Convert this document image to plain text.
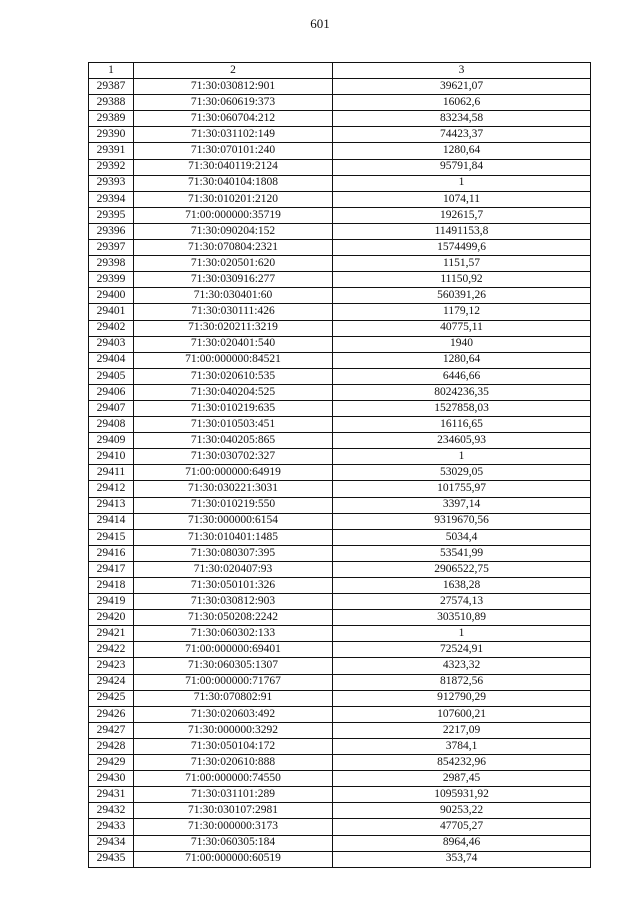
601
1	2	3
29387	71:30:030812:901	39621,07
29388	71:30:060619:373	16062,6
29389	71:30:060704:212	83234,58
29390	71:30:031102:149	74423,37
29391	71:30:070101:240	1280,64
29392	71:30:040119:2124	95791,84
29393	71:30:040104:1808	1
29394	71:30:010201:2120	1074,11
29395	71:00:000000:35719	192615,7
29396	71:30:090204:152	11491153,8
29397	71:30:070804:2321	1574499,6
29398	71:30:020501:620	1151,57
29399	71:30:030916:277	11150,92
29400	71:30:030401:60	560391,26
29401	71:30:030111:426	1179,12
29402	71:30:020211:3219	40775,11
29403	71:30:020401:540	1940
29404	71:00:000000:84521	1280,64
29405	71:30:020610:535	6446,66
29406	71:30:040204:525	8024236,35
29407	71:30:010219:635	1527858,03
29408	71:30:010503:451	16116,65
29409	71:30:040205:865	234605,93
29410	71:30:030702:327	1
29411	71:00:000000:64919	53029,05
29412	71:30:030221:3031	101755,97
29413	71:30:010219:550	3397,14
29414	71:30:000000:6154	9319670,56
29415	71:30:010401:1485	5034,4
29416	71:30:080307:395	53541,99
29417	71:30:020407:93	2906522,75
29418	71:30:050101:326	1638,28
29419	71:30:030812:903	27574,13
29420	71:30:050208:2242	303510,89
29421	71:30:060302:133	1
29422	71:00:000000:69401	72524,91
29423	71:30:060305:1307	4323,32
29424	71:00:000000:71767	81872,56
29425	71:30:070802:91	912790,29
29426	71:30:020603:492	107600,21
29427	71:30:000000:3292	2217,09
29428	71:30:050104:172	3784,1
29429	71:30:020610:888	854232,96
29430	71:00:000000:74550	2987,45
29431	71:30:031101:289	1095931,92
29432	71:30:030107:2981	90253,22
29433	71:30:000000:3173	47705,27
29434	71:30:060305:184	8964,46
29435	71:00:000000:60519	353,74
